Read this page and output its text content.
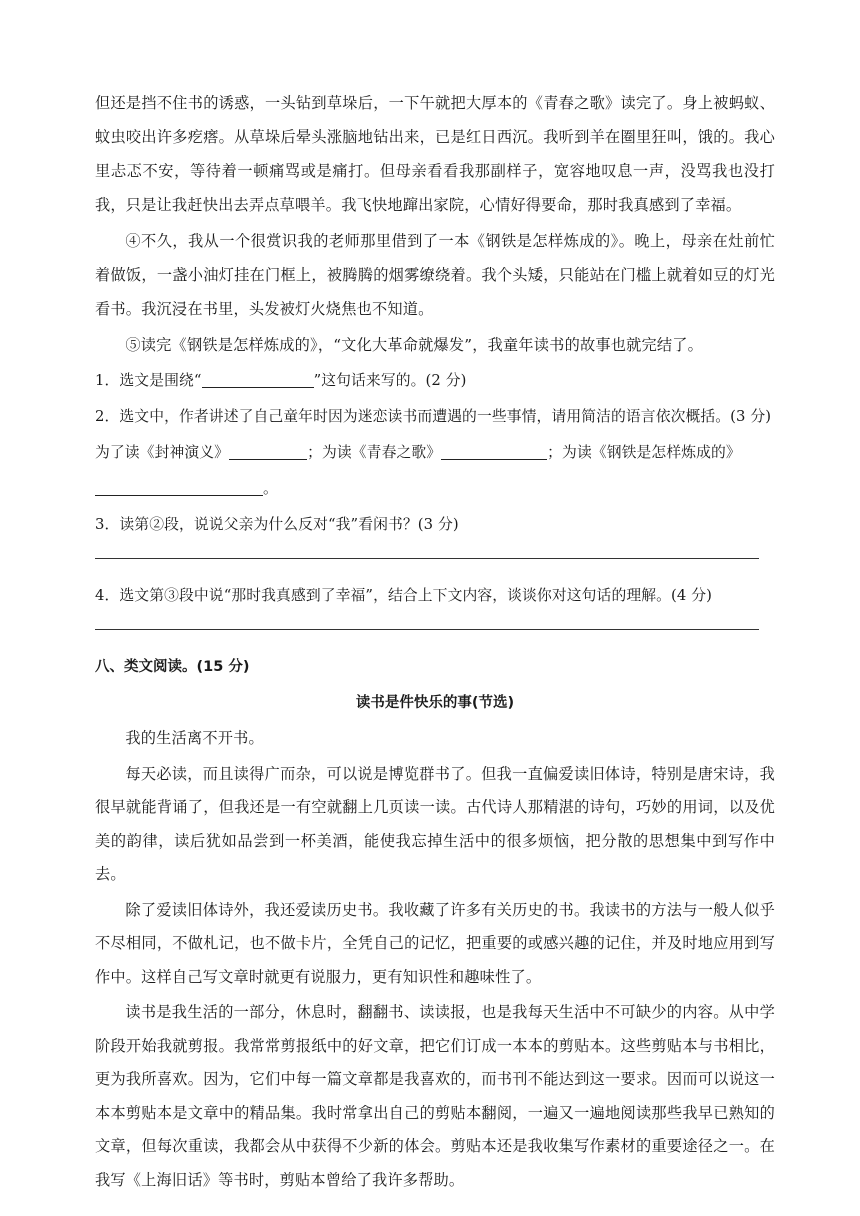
但还是挡不住书的诱惑，一头钻到草垛后，一下午就把大厚本的《青春之歌》读完了。身上被蚂蚁、蚊虫咬出许多疙瘩。从草垛后晕头涨脑地钻出来，已是红日西沉。我听到羊在圈里狂叫，饿的。我心里忐忑不安，等待着一顿痛骂或是痛打。但母亲看看我那副样子，宽容地叹息一声，没骂我也没打我，只是让我赶快出去弄点草喂羊。我飞快地蹿出家院，心情好得要命，那时我真感到了幸福。

④不久，我从一个很赏识我的老师那里借到了一本《钢铁是怎样炼成的》。晚上，母亲在灶前忙着做饭，一盏小油灯挂在门框上，被腾腾的烟雾缭绕着。我个头矮，只能站在门槛上就着如豆的灯光看书。我沉浸在书里，头发被灯火烧焦也不知道。

⑤读完《钢铁是怎样炼成的》，“文化大革命就爆发”，我童年读书的故事也就完结了。

1．选文是围绕“	”这句话来写的。(2 分)

2．选文中，作者讲述了自己童年时因为迷恋读书而遭遇的一些事情，请用简洁的语言依次概括。(3 分)

为了读《封神演义》	；为读《青春之歌》	；为读《钢铁是怎样炼成的》

。

3．读第②段，说说父亲为什么反对“我”看闲书？(3 分)

4．选文第③段中说“那时我真感到了幸福”，结合上下文内容，谈谈你对这句话的理解。(4 分)

八、类文阅读。(15 分)

读书是件快乐的事(节选)

我的生活离不开书。

每天必读，而且读得广而杂，可以说是博览群书了。但我一直偏爱读旧体诗，特别是唐宋诗，我很早就能背诵了，但我还是一有空就翻上几页读一读。古代诗人那精湛的诗句，巧妙的用词，以及优美的韵律，读后犹如品尝到一杯美酒，能使我忘掉生活中的很多烦恼，把分散的思想集中到写作中去。

除了爱读旧体诗外，我还爱读历史书。我收藏了许多有关历史的书。我读书的方法与一般人似乎不尽相同，不做札记，也不做卡片，全凭自己的记忆，把重要的或感兴趣的记住，并及时地应用到写作中。这样自己写文章时就更有说服力，更有知识性和趣味性了。

读书是我生活的一部分，休息时，翻翻书、读读报，也是我每天生活中不可缺少的内容。从中学阶段开始我就剪报。我常常剪报纸中的好文章，把它们订成一本本的剪贴本。这些剪贴本与书相比，更为我所喜欢。因为，它们中每一篇文章都是我喜欢的，而书刊不能达到这一要求。因而可以说这一本本剪贴本是文章中的精品集。我时常拿出自己的剪贴本翻阅，一遍又一遍地阅读那些我早已熟知的文章，但每次重读，我都会从中获得不少新的体会。剪贴本还是我收集写作素材的重要途径之一。在我写《上海旧话》等书时，剪贴本曾给了我许多帮助。
